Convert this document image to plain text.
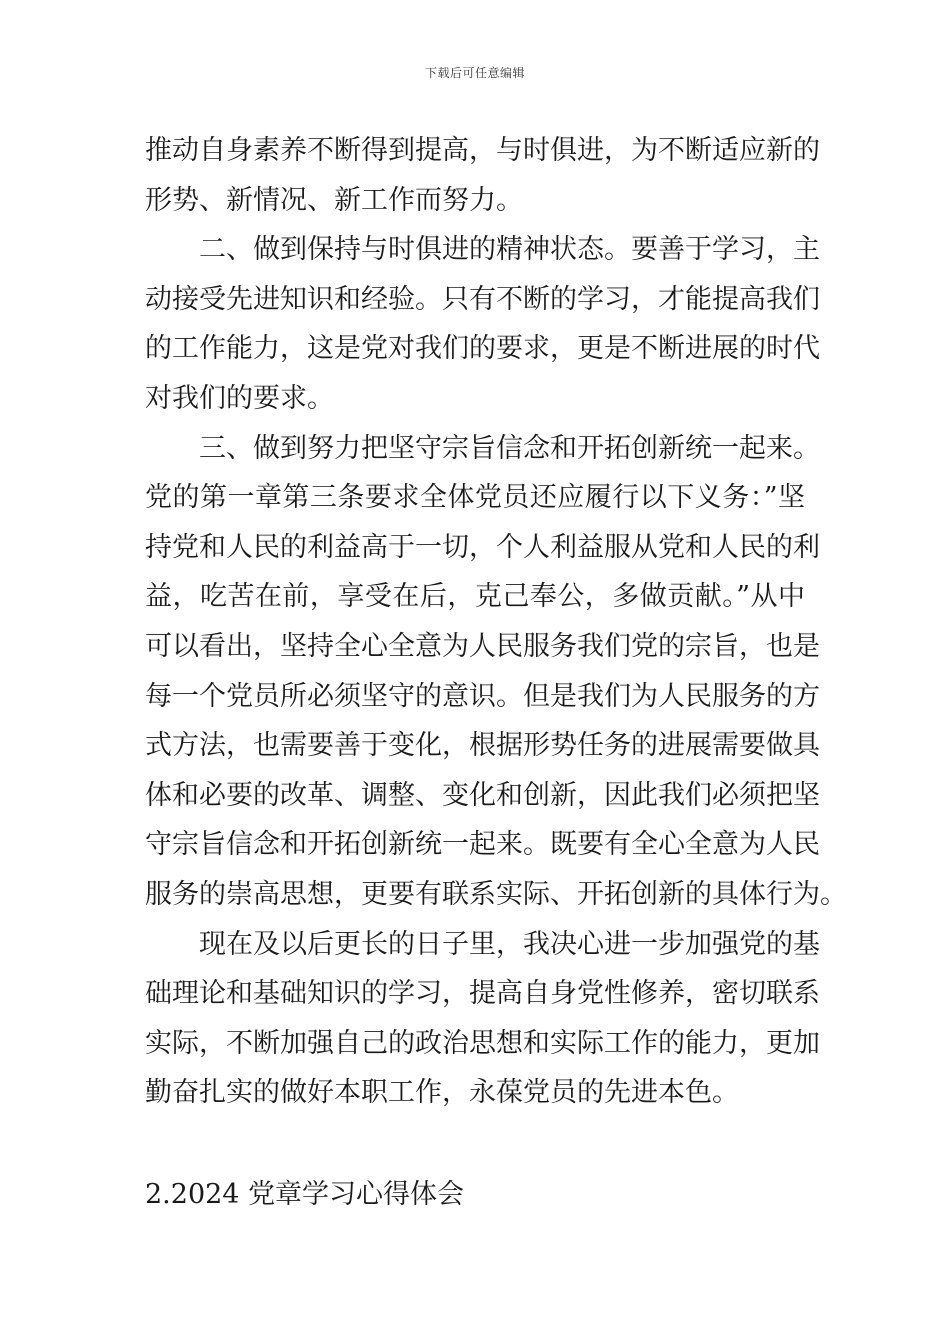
下载后可任意编辑
推动自身素养不断得到提高，与时俱进，为不断适应新的
形势、新情况、新工作而努力。
二、做到保持与时俱进的精神状态。要善于学习，主
动接受先进知识和经验。只有不断的学习，才能提高我们
的工作能力，这是党对我们的要求，更是不断进展的时代
对我们的要求。
三、做到努力把坚守宗旨信念和开拓创新统一起来。
党的第一章第三条要求全体党员还应履行以下义务：”坚
持党和人民的利益高于一切，个人利益服从党和人民的利
益，吃苦在前，享受在后，克己奉公，多做贡献。”从中
可以看出，坚持全心全意为人民服务我们党的宗旨，也是
每一个党员所必须坚守的意识。但是我们为人民服务的方
式方法，也需要善于变化，根据形势任务的进展需要做具
体和必要的改革、调整、变化和创新，因此我们必须把坚
守宗旨信念和开拓创新统一起来。既要有全心全意为人民
服务的崇高思想，更要有联系实际、开拓创新的具体行为。
现在及以后更长的日子里，我决心进一步加强党的基
础理论和基础知识的学习，提高自身党性修养，密切联系
实际，不断加强自己的政治思想和实际工作的能力，更加
勤奋扎实的做好本职工作，永葆党员的先进本色。
2.2024 党章学习心得体会
